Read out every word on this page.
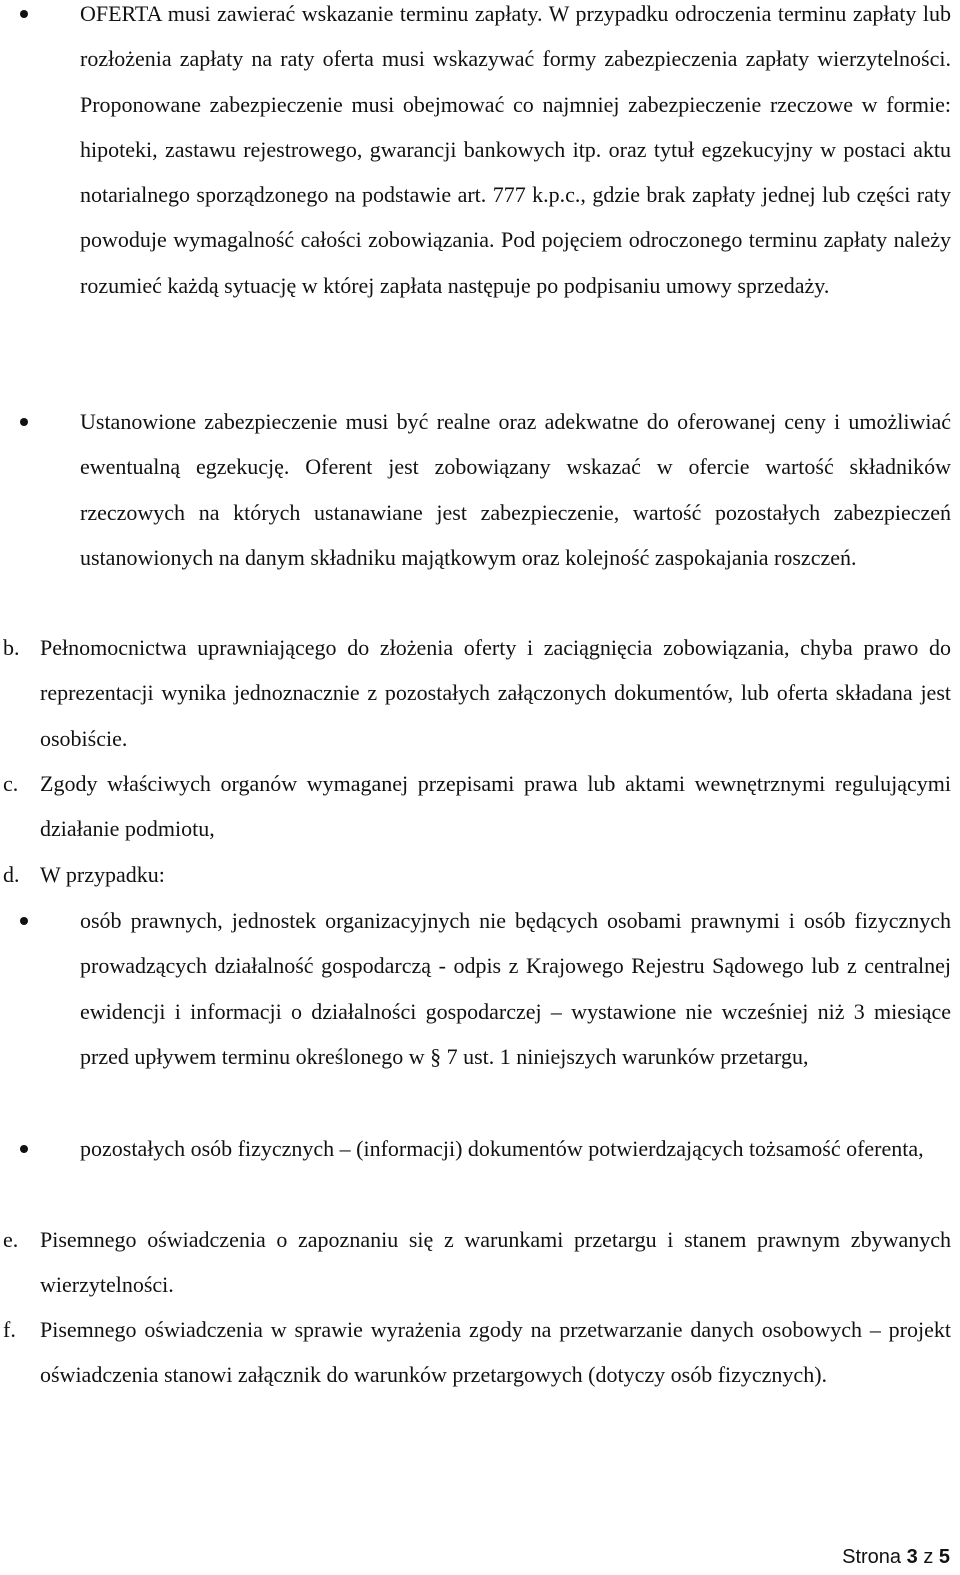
OFERTA musi zawierać wskazanie terminu zapłaty. W przypadku odroczenia terminu zapłaty lub rozłożenia zapłaty na raty oferta musi wskazywać formy zabezpieczenia zapłaty wierzytelności. Proponowane zabezpieczenie musi obejmować co najmniej zabezpieczenie rzeczowe w formie: hipoteki, zastawu rejestrowego, gwarancji bankowych itp. oraz tytuł egzekucyjny w postaci aktu notarialnego sporządzonego na podstawie art. 777 k.p.c., gdzie brak zapłaty jednej lub części raty powoduje wymagalność całości zobowiązania. Pod pojęciem odroczonego terminu zapłaty należy rozumieć każdą sytuację w której zapłata następuje po podpisaniu umowy sprzedaży.
Ustanowione zabezpieczenie musi być realne oraz adekwatne do oferowanej ceny i umożliwiać ewentualną egzekucję. Oferent jest zobowiązany wskazać w ofercie wartość składników rzeczowych na których ustanawiane jest zabezpieczenie, wartość pozostałych zabezpieczeń ustanowionych na danym składniku majątkowym oraz kolejność zaspokajania roszczeń.
b. Pełnomocnictwa uprawniającego do złożenia oferty i zaciągnięcia zobowiązania, chyba prawo do reprezentacji wynika jednoznacznie z pozostałych załączonych dokumentów, lub oferta składana jest osobiście.
c. Zgody właściwych organów wymaganej przepisami prawa lub aktami wewnętrznymi regulującymi działanie podmiotu,
d. W przypadku:
osób prawnych, jednostek organizacyjnych nie będących osobami prawnymi i osób fizycznych prowadzących działalność gospodarczą - odpis z Krajowego Rejestru Sądowego lub z centralnej ewidencji i informacji o działalności gospodarczej – wystawione nie wcześniej niż 3 miesiące przed upływem terminu określonego w § 7 ust. 1 niniejszych warunków przetargu,
pozostałych osób fizycznych – (informacji) dokumentów potwierdzających tożsamość oferenta,
e. Pisemnego oświadczenia o zapoznaniu się z warunkami przetargu i stanem prawnym zbywanych wierzytelności.
f. Pisemnego oświadczenia w sprawie wyrażenia zgody na przetwarzanie danych osobowych – projekt oświadczenia stanowi załącznik do warunków przetargowych (dotyczy osób fizycznych).
Strona 3 z 5
